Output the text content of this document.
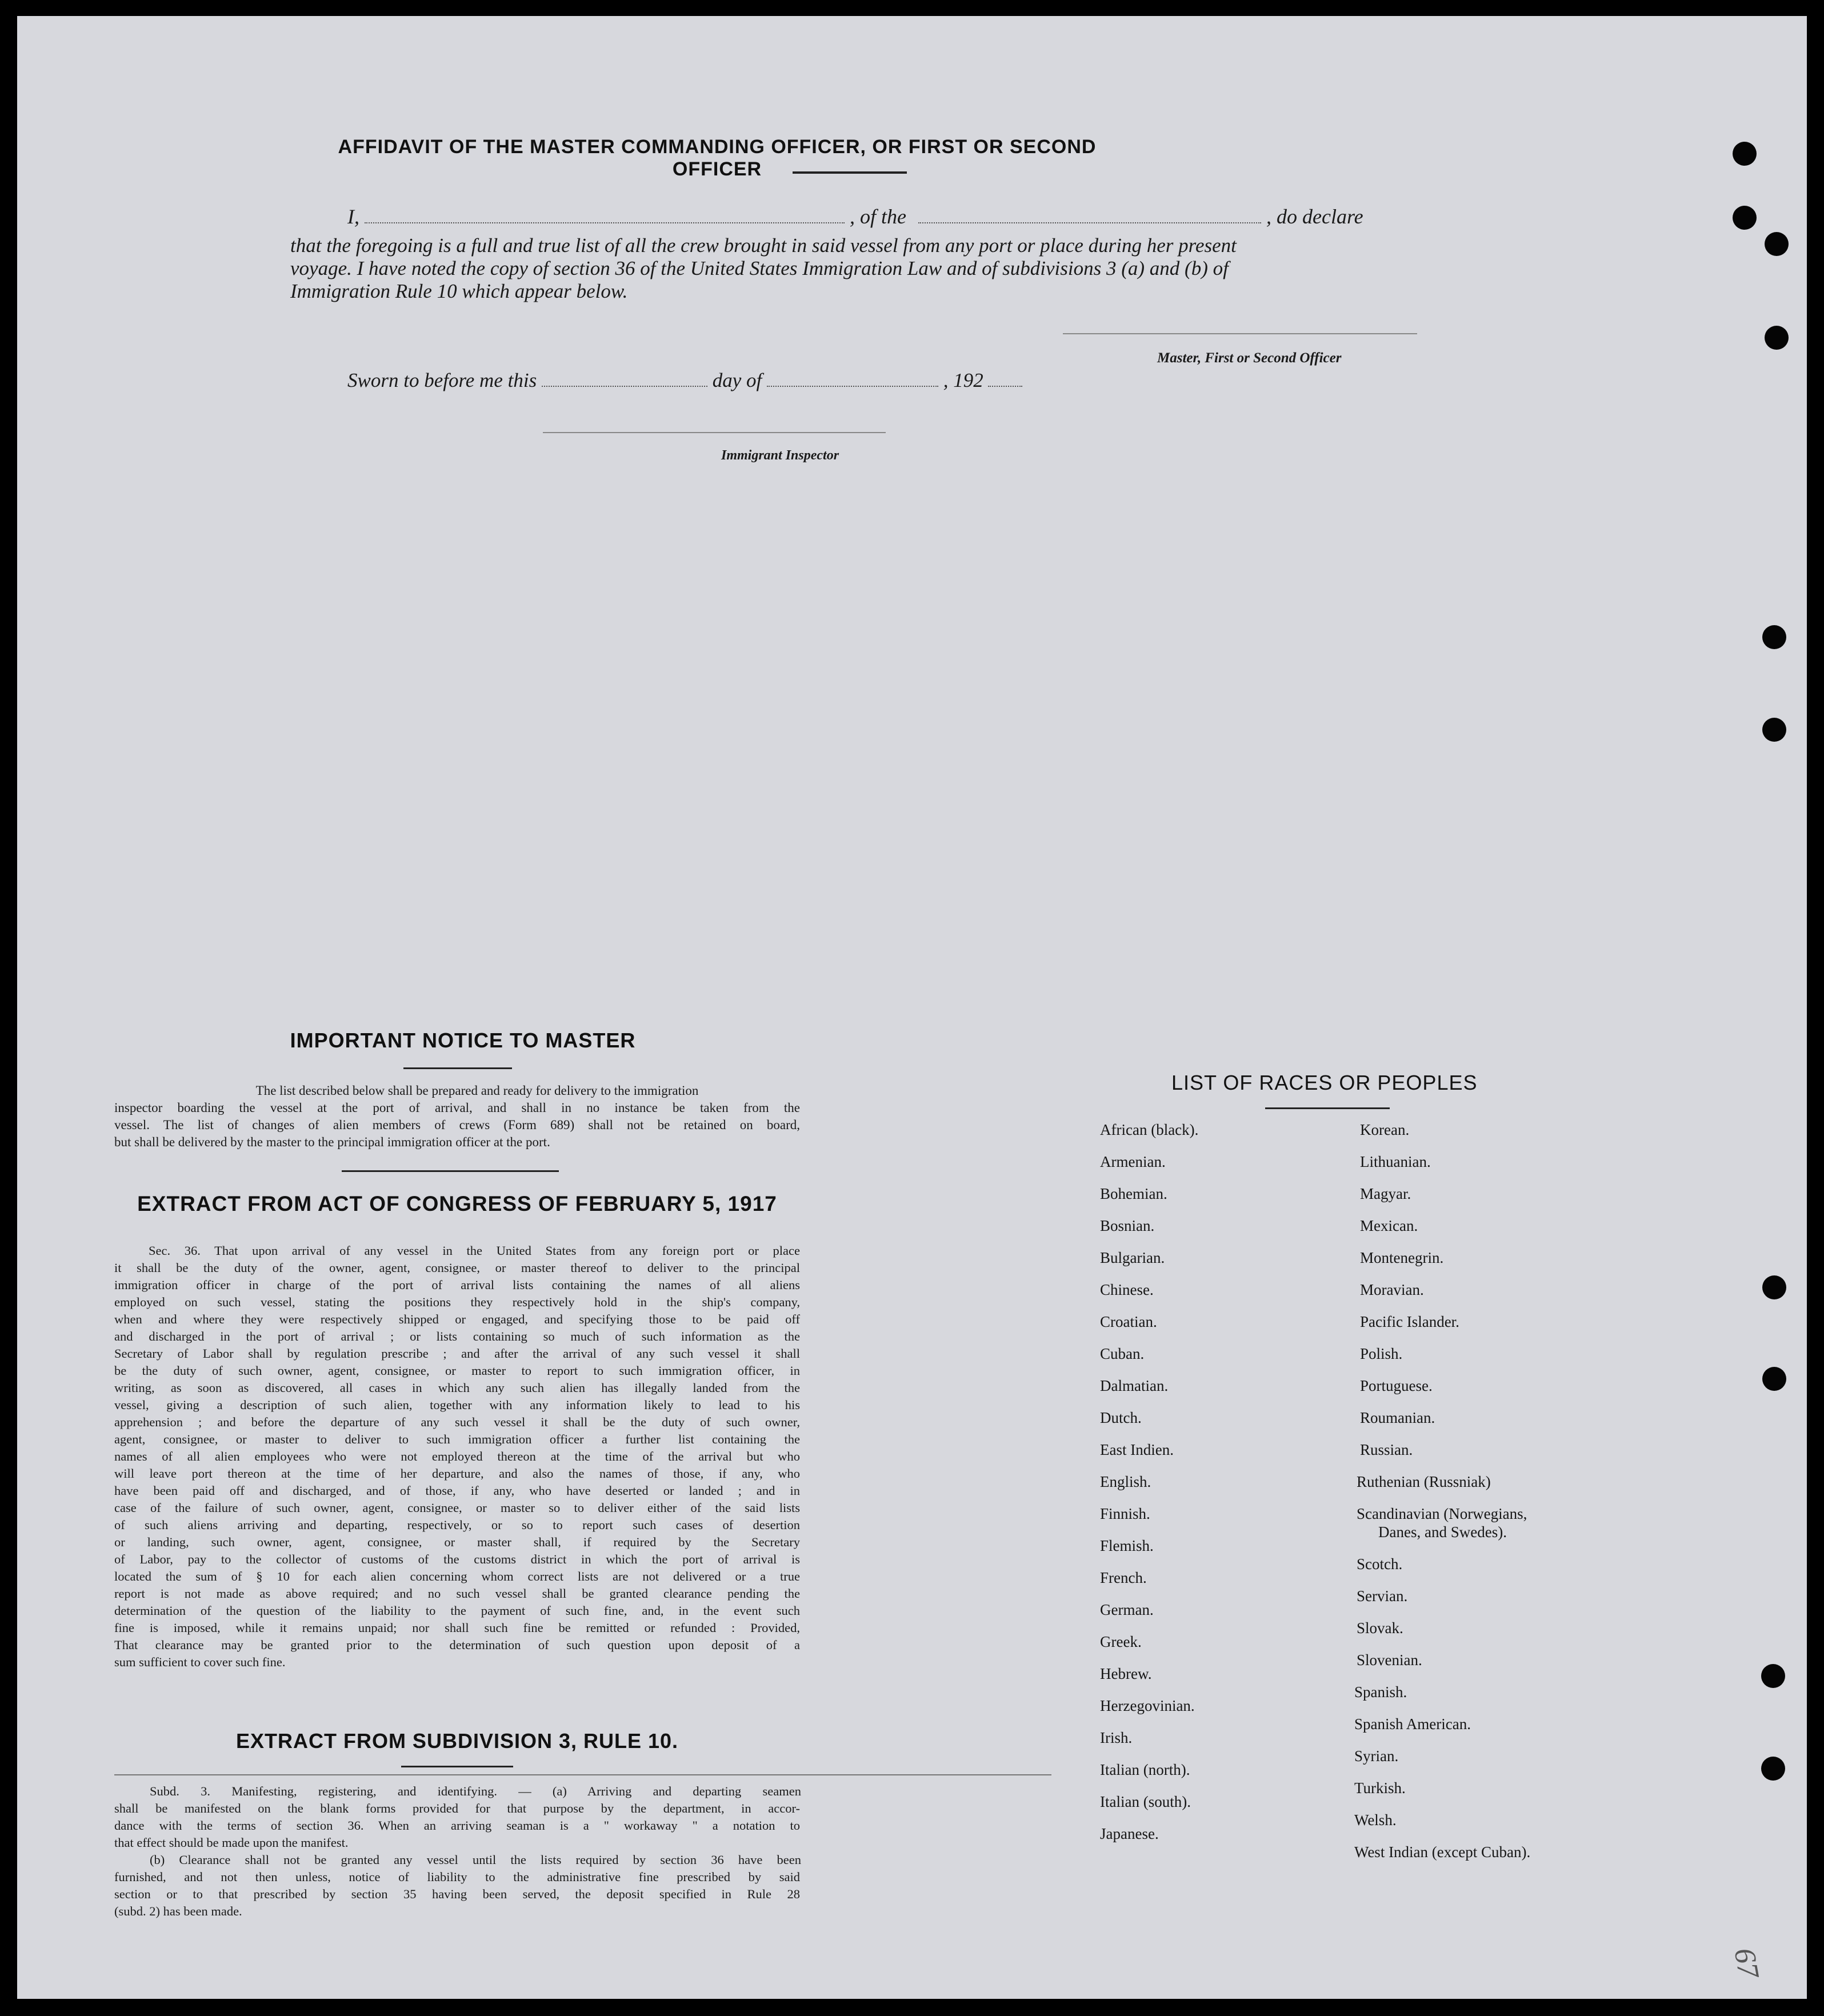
AFFIDAVIT OF THE MASTER COMMANDING OFFICER, OR FIRST OR SECOND OFFICER
I,	, of the	, do declare
that the foregoing is a full and true list of all the crew brought in said vessel from any port or place during her present
voyage. I have noted the copy of section 36 of the United States Immigration Law and of subdivisions 3 (a) and (b) of
Immigration Rule 10 which appear below.
Master, First or Second Officer
Sworn to before me this	day of	, 192
Immigrant Inspector
IMPORTANT NOTICE TO MASTER
The list described below shall be prepared and ready for delivery to the immigration
inspector boarding the vessel at the port of arrival, and shall in no instance be taken from the
vessel. The list of changes of alien members of crews (Form 689) shall not be retained on board,
but shall be delivered by the master to the principal immigration officer at the port.
EXTRACT FROM ACT OF CONGRESS OF FEBRUARY 5, 1917
Sec. 36. That upon arrival of any vessel in the United States from any foreign port or place
it shall be the duty of the owner, agent, consignee, or master thereof to deliver to the principal
immigration officer in charge of the port of arrival lists containing the names of all aliens
employed on such vessel, stating the positions they respectively hold in the ship's company,
when and where they were respectively shipped or engaged, and specifying those to be paid off
and discharged in the port of arrival ; or lists containing so much of such information as the
Secretary of Labor shall by regulation prescribe ; and after the arrival of any such vessel it shall
be the duty of such owner, agent, consignee, or master to report to such immigration officer, in
writing, as soon as discovered, all cases in which any such alien has illegally landed from the
vessel, giving a description of such alien, together with any information likely to lead to his
apprehension ; and before the departure of any such vessel it shall be the duty of such owner,
agent, consignee, or master to deliver to such immigration officer a further list containing the
names of all alien employees who were not employed thereon at the time of the arrival but who
will leave port thereon at the time of her departure, and also the names of those, if any, who
have been paid off and discharged, and of those, if any, who have deserted or landed ; and in
case of the failure of such owner, agent, consignee, or master so to deliver either of the said lists
of such aliens arriving and departing, respectively, or so to report such cases of desertion
or landing, such owner, agent, consignee, or master shall, if required by the Secretary
of Labor, pay to the collector of customs of the customs district in which the port of arrival is
located the sum of § 10 for each alien concerning whom correct lists are not delivered or a true
report is not made as above required; and no such vessel shall be granted clearance pending the
determination of the question of the liability to the payment of such fine, and, in the event such
fine is imposed, while it remains unpaid; nor shall such fine be remitted or refunded : Provided,
That clearance may be granted prior to the determination of such question upon deposit of a
sum sufficient to cover such fine.
EXTRACT FROM SUBDIVISION 3, RULE 10.
Subd. 3. Manifesting, registering, and identifying. — (a) Arriving and departing seamen
shall be manifested on the blank forms provided for that purpose by the department, in accor-
dance with the terms of section 36. When an arriving seaman is a " workaway " a notation to
that effect should be made upon the manifest.
(b) Clearance shall not be granted any vessel until the lists required by section 36 have been
furnished, and not then unless, notice of liability to the administrative fine prescribed by said
section or to that prescribed by section 35 having been served, the deposit specified in Rule 28
(subd. 2) has been made.
LIST OF RACES OR PEOPLES
African (black).
Armenian.
Bohemian.
Bosnian.
Bulgarian.
Chinese.
Croatian.
Cuban.
Dalmatian.
Dutch.
East Indien.
English.
Finnish.
Flemish.
French.
German.
Greek.
Hebrew.
Herzegovinian.
Irish.
Italian (north).
Italian (south).
Japanese.
Korean.
Lithuanian.
Magyar.
Mexican.
Montenegrin.
Moravian.
Pacific Islander.
Polish.
Portuguese.
Roumanian.
Russian.
Ruthenian (Russniak)
Scandinavian (Norwegians,
Danes, and Swedes).
Scotch.
Servian.
Slovak.
Slovenian.
Spanish.
Spanish American.
Syrian.
Turkish.
Welsh.
West Indian (except Cuban).
67
